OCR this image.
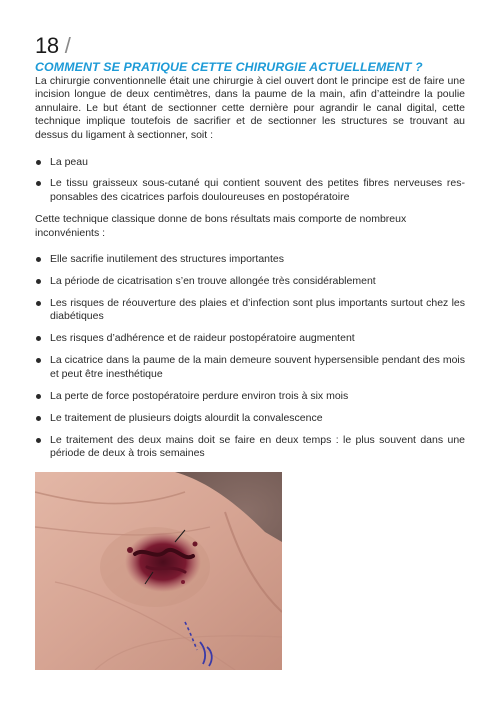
18 /
COMMENT SE PRATIQUE CETTE CHIRURGIE ACTUELLEMENT ?

La chirurgie conventionnelle était une chirurgie à ciel ouvert dont le principe est de faire une incision longue de deux centimètres, dans la paume de la main, afin d’atteindre la poulie annulaire. Le but étant de sectionner cette dernière pour agrandir le canal digital, cette technique implique toutefois de sacrifier et de sectionner les structures se trouvant au dessus du ligament à sectionner, soit :

La peau
Le tissu graisseux sous-cutané qui contient souvent des petites fibres nerveuses responsables des cicatrices parfois douloureuses en postopératoire

Cette technique classique donne de bons résultats mais comporte de nombreux inconvénients :

Elle sacrifie inutilement des structures importantes
La période de cicatrisation s’en trouve allongée très considérablement
Les risques de réouverture des plaies et d’infection sont plus importants surtout chez les diabétiques
Les risques d’adhérence et de raideur postopératoire augmentent
La cicatrice dans la paume de la main demeure souvent hypersensible pendant des mois et peut être inesthétique
La perte de force postopératoire perdure environ trois à six mois
Le traitement de plusieurs doigts alourdit la convalescence
Le traitement des deux mains doit se faire en deux temps : le plus souvent dans une période de deux à trois semaines
